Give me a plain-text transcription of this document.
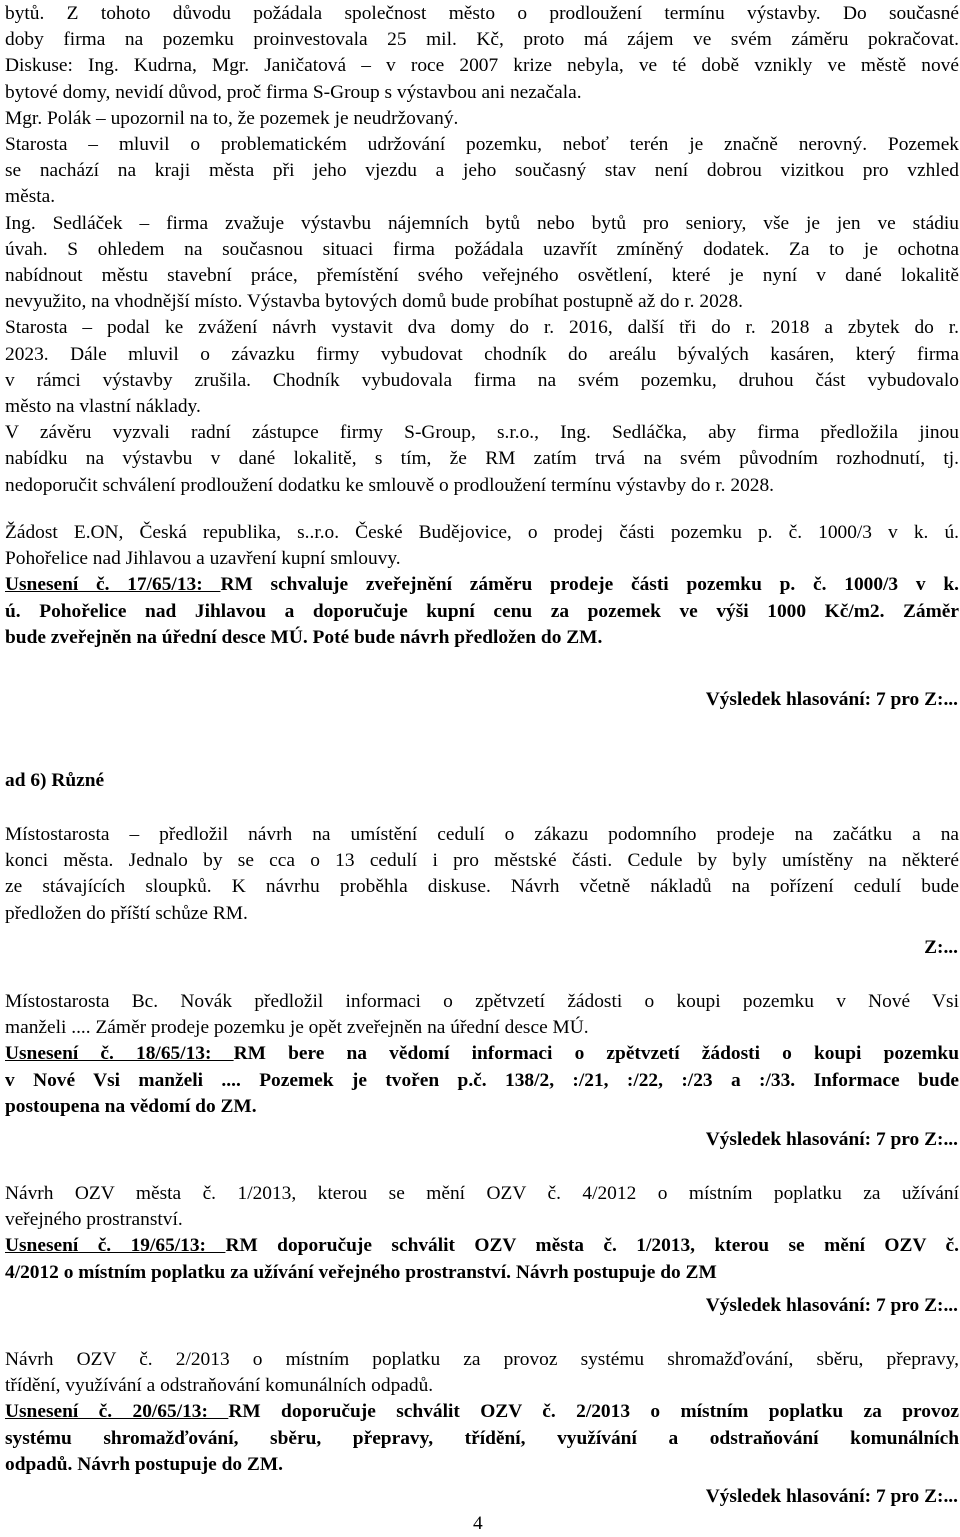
bytů. Z tohoto důvodu požádala společnost město o prodloužení termínu výstavby. Do současné
doby firma na pozemku proinvestovala 25 mil. Kč, proto má zájem ve svém záměru pokračovat.
Diskuse: Ing. Kudrna, Mgr. Janičatová – v roce 2007 krize nebyla, ve té době vznikly ve městě nové
bytové domy, nevidí důvod, proč firma S-Group s výstavbou ani nezačala.
Mgr. Polák – upozornil na to, že pozemek je neudržovaný.
Starosta – mluvil o problematickém udržování pozemku, neboť terén je značně nerovný. Pozemek
se nachází na kraji města při jeho vjezdu a jeho současný stav není dobrou vizitkou pro vzhled
města.
Ing. Sedláček – firma zvažuje výstavbu nájemních bytů nebo bytů pro seniory, vše je jen ve stádiu
úvah. S ohledem na současnou situaci firma požádala uzavřít zmíněný dodatek. Za to je ochotna
nabídnout městu stavební práce, přemístění svého veřejného osvětlení, které je nyní v dané lokalitě
nevyužito, na vhodnější místo. Výstavba bytových domů bude probíhat postupně až do r. 2028.
Starosta – podal ke zvážení návrh vystavit dva domy do r. 2016, další tři do r. 2018 a zbytek do r.
2023. Dále mluvil o závazku firmy vybudovat chodník do areálu bývalých kasáren, který firma
v rámci výstavby zrušila. Chodník vybudovala firma na svém pozemku, druhou část vybudovalo
město na vlastní náklady.
V závěru vyzvali radní zástupce firmy S-Group, s.r.o., Ing. Sedláčka, aby firma předložila jinou
nabídku na výstavbu v dané lokalitě, s tím, že RM zatím trvá na svém původním rozhodnutí, tj.
nedoporučit schválení prodloužení dodatku ke smlouvě o prodloužení termínu výstavby do r. 2028.
Žádost E.ON, Česká republika, s..r.o. České Budějovice, o prodej části pozemku p. č. 1000/3 v k. ú.
Pohořelice nad Jihlavou a uzavření kupní smlouvy.
Usnesení č. 17/65/13: RM schvaluje zveřejnění záměru prodeje části pozemku p. č. 1000/3 v k.
ú. Pohořelice nad Jihlavou a doporučuje kupní cenu za pozemek ve výši 1000 Kč/m2. Záměr
bude zveřejněn na úřední desce MÚ. Poté bude návrh předložen do ZM.

Výsledek hlasování: 7 pro Z:...

ad 6) Různé

Místostarosta – předložil návrh na umístění cedulí o zákazu podomního prodeje na začátku a na
konci města. Jednalo by se cca o 13 cedulí i pro městské části. Cedule by byly umístěny na některé
ze stávajících sloupků. K návrhu proběhla diskuse. Návrh včetně nákladů na pořízení cedulí bude
předložen do příští schůze RM.

Z:...

Místostarosta Bc. Novák předložil informaci o zpětvzetí žádosti o koupi pozemku v Nové Vsi
manželi .... Záměr prodeje pozemku je opět zveřejněn na úřední desce MÚ.
Usnesení č. 18/65/13: RM bere na vědomí informaci o zpětvzetí žádosti o koupi pozemku
v Nové Vsi manželi .... Pozemek je tvořen p.č. 138/2, :/21, :/22, :/23 a :/33. Informace bude
postoupena na vědomí do ZM.

Výsledek hlasování: 7 pro Z:...

Návrh OZV města č. 1/2013, kterou se mění OZV č. 4/2012 o místním poplatku za užívání
veřejného prostranství.
Usnesení č. 19/65/13: RM doporučuje schválit OZV města č. 1/2013, kterou se mění OZV č.
4/2012 o místním poplatku za užívání veřejného prostranství. Návrh postupuje do ZM

Výsledek hlasování: 7 pro Z:...

Návrh OZV č. 2/2013 o místním poplatku za provoz systému shromažďování, sběru, přepravy,
třídění, využívání a odstraňování komunálních odpadů.
Usnesení č. 20/65/13: RM doporučuje schválit OZV č. 2/2013 o místním poplatku za provoz
systému shromažďování, sběru, přepravy, třídění, využívání a odstraňování komunálních
odpadů. Návrh postupuje do ZM.

Výsledek hlasování: 7 pro Z:...

4
